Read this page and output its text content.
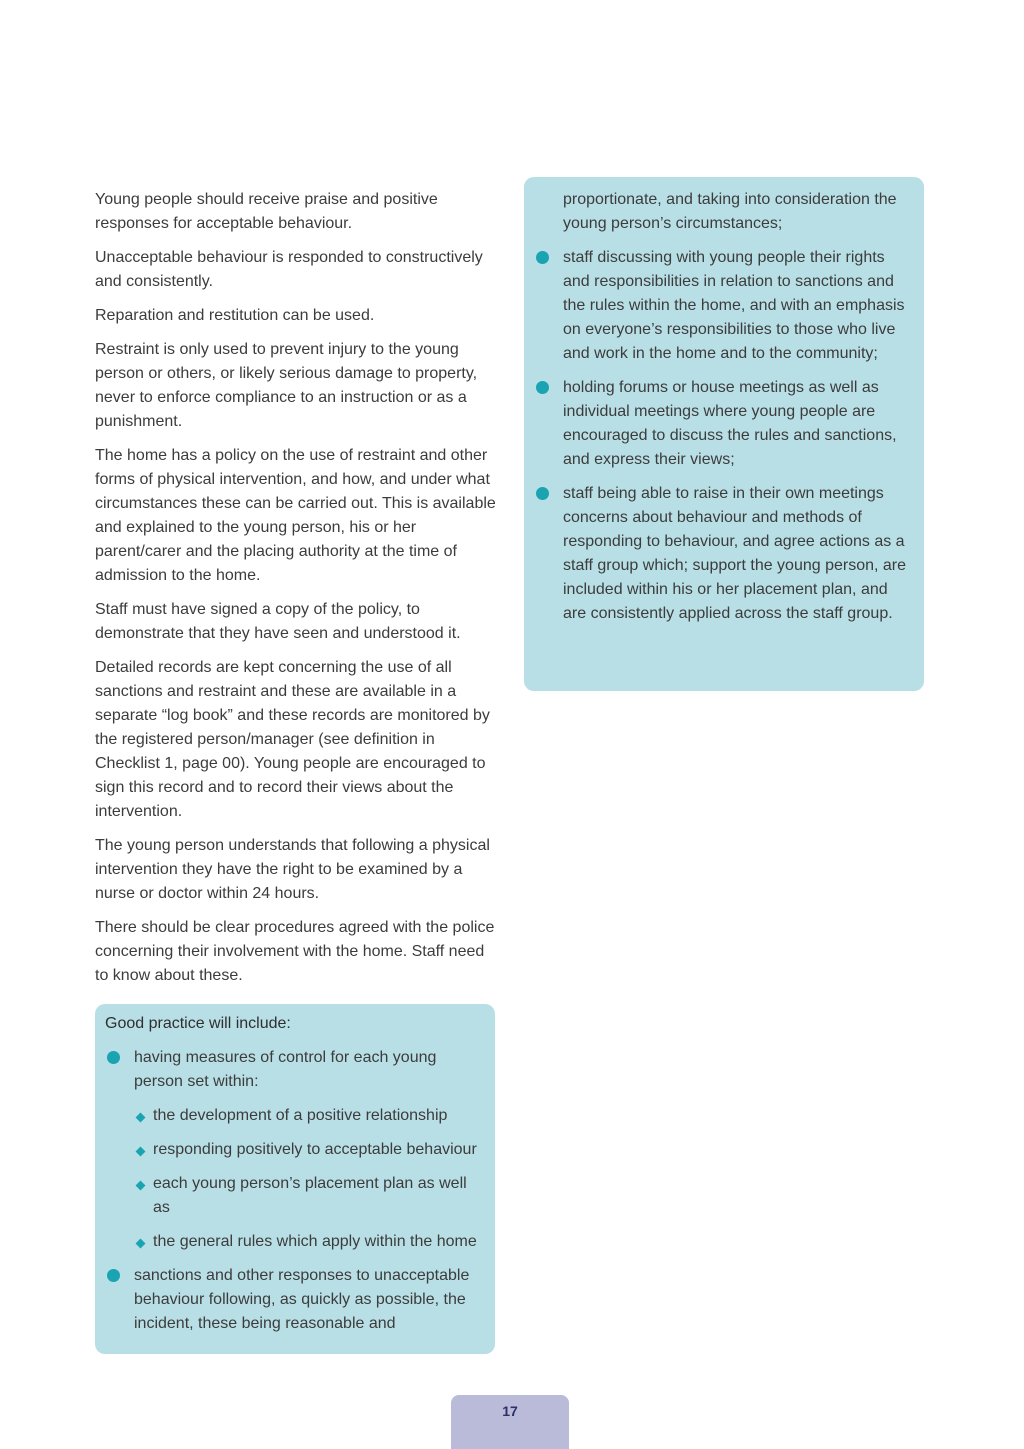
Young people should receive praise and positive responses for acceptable behaviour.

Unacceptable behaviour is responded to constructively and consistently.

Reparation and restitution can be used.

Restraint is only used to prevent injury to the young person or others, or likely serious damage to property, never to enforce compliance to an instruction or as a punishment.

The home has a policy on the use of restraint and other forms of physical intervention, and how, and under what circumstances these can be carried out. This is available and explained to the young person, his or her parent/carer and the placing authority at the time of admission to the home.

Staff must have signed a copy of the policy, to demonstrate that they have seen and understood it.

Detailed records are kept concerning the use of all sanctions and restraint and these are available in a separate “log book” and these records are monitored by the registered person/manager (see definition in Checklist 1, page 00). Young people are encouraged to sign this record and to record their views about the intervention.

The young person understands that following a physical intervention they have the right to be examined by a nurse or doctor within 24 hours.

There should be clear procedures agreed with the police concerning their involvement with the home. Staff need to know about these.

Good practice will include:

having measures of control for each young person set within:
the development of a positive relationship
responding positively to acceptable behaviour
each young person’s placement plan as well as
the general rules which apply within the home
sanctions and other responses to unacceptable behaviour following, as quickly as possible, the incident, these being reasonable and

proportionate, and taking into consideration the young person’s circumstances;

staff discussing with young people their rights and responsibilities in relation to sanctions and the rules within the home, and with an emphasis on everyone’s responsibilities to those who live and work in the home and to the community;
holding forums or house meetings as well as individual meetings where young people are encouraged to discuss the rules and sanctions, and express their views;
staff being able to raise in their own meetings concerns about behaviour and methods of responding to behaviour, and agree actions as a staff group which; support the young person, are included within his or her placement plan, and are consistently applied across the staff group.
17
